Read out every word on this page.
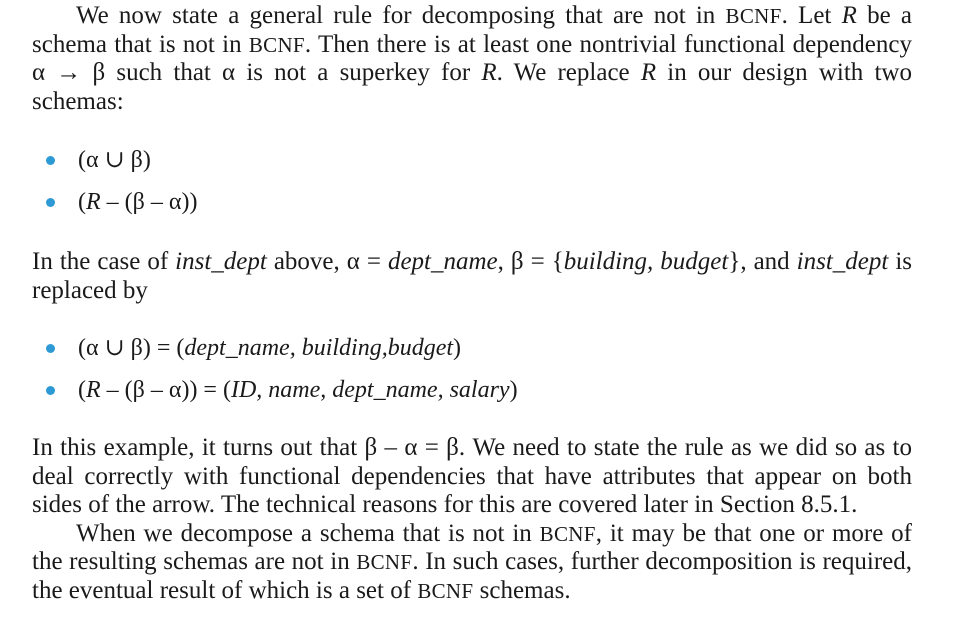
We now state a general rule for decomposing that are not in BCNF. Let R be a schema that is not in BCNF. Then there is at least one nontrivial functional dependency α → β such that α is not a superkey for R. We replace R in our design with two schemas:

(α ∪ β)
(R – (β – α))

In the case of inst_dept above, α = dept_name, β = {building, budget}, and inst_dept is replaced by

(α ∪ β) = (dept_name, building,budget)
(R – (β – α)) = (ID, name, dept_name, salary)

In this example, it turns out that β – α = β. We need to state the rule as we did so as to deal correctly with functional dependencies that have attributes that appear on both sides of the arrow. The technical reasons for this are covered later in Section 8.5.1.

When we decompose a schema that is not in BCNF, it may be that one or more of the resulting schemas are not in BCNF. In such cases, further decomposition is required, the eventual result of which is a set of BCNF schemas.
